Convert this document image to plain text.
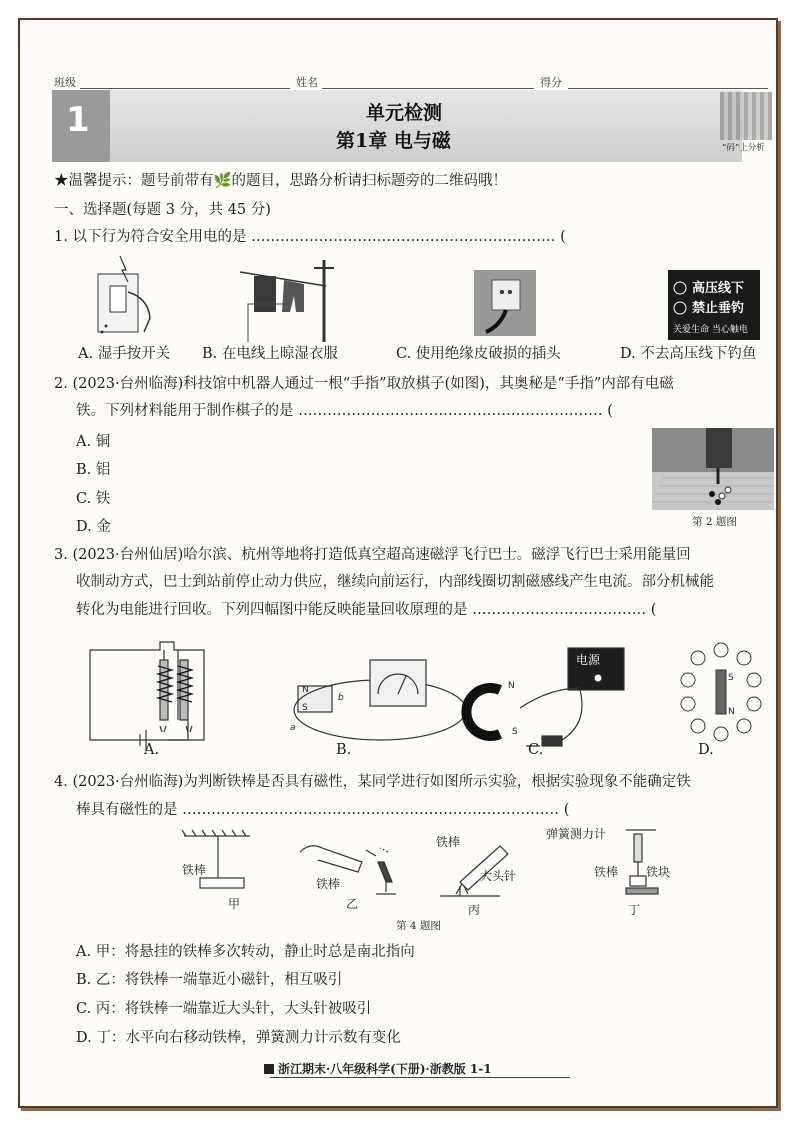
班级	姓名	得分
1	单元检测
第1章 电与磁	“码”上分析
★温馨提示：题号前带有🌿的题目，思路分析请扫标题旁的二维码哦！
一、选择题(每题 3 分，共 45 分)
1. 以下行为符合安全用电的是 ……………………………………………………… (
高压线下
禁止垂钓
关爱生命 当心触电
A. 湿手按开关 B. 在电线上晾湿衣服	C. 使用绝缘皮破损的插头	D. 不去高压线下钓鱼
2. (2023·台州临海)科技馆中机器人通过一根“手指”取放棋子(如图)，其奥秘是“手指”内部有电磁
铁。下列材料能用于制作棋子的是 ……………………………………………………… (
A. 铜
B. 铝
C. 铁
D. 金	第 2 题图
3. (2023·台州仙居)哈尔滨、杭州等地将打造低真空超高速磁浮飞行巴士。磁浮飞行巴士采用能量回
收制动方式，巴士到站前停止动力供应，继续向前运行，内部线圈切割磁感线产生电流。部分机械能
转化为电能进行回收。下列四幅图中能反映能量回收原理的是 ……………………………… (
N
S
a
b
N
S
电源
S
N
A.	B.	C.	D.
4. (2023·台州临海)为判断铁棒是否具有磁性，某同学进行如图所示实验，根据实验现象不能确定铁
棒具有磁性的是 …………………………………………………………………… (
铁棒
甲
铁棒
乙
铁棒
大头针
丙
弹簧测力计
铁棒 铁块
丁
第 4 题图
A. 甲：将悬挂的铁棒多次转动，静止时总是南北指向
B. 乙：将铁棒一端靠近小磁针，相互吸引
C. 丙：将铁棒一端靠近大头针，大头针被吸引
D. 丁：水平向右移动铁棒，弹簧测力计示数有变化
浙江期末·八年级科学(下册)·浙教版 1-1
